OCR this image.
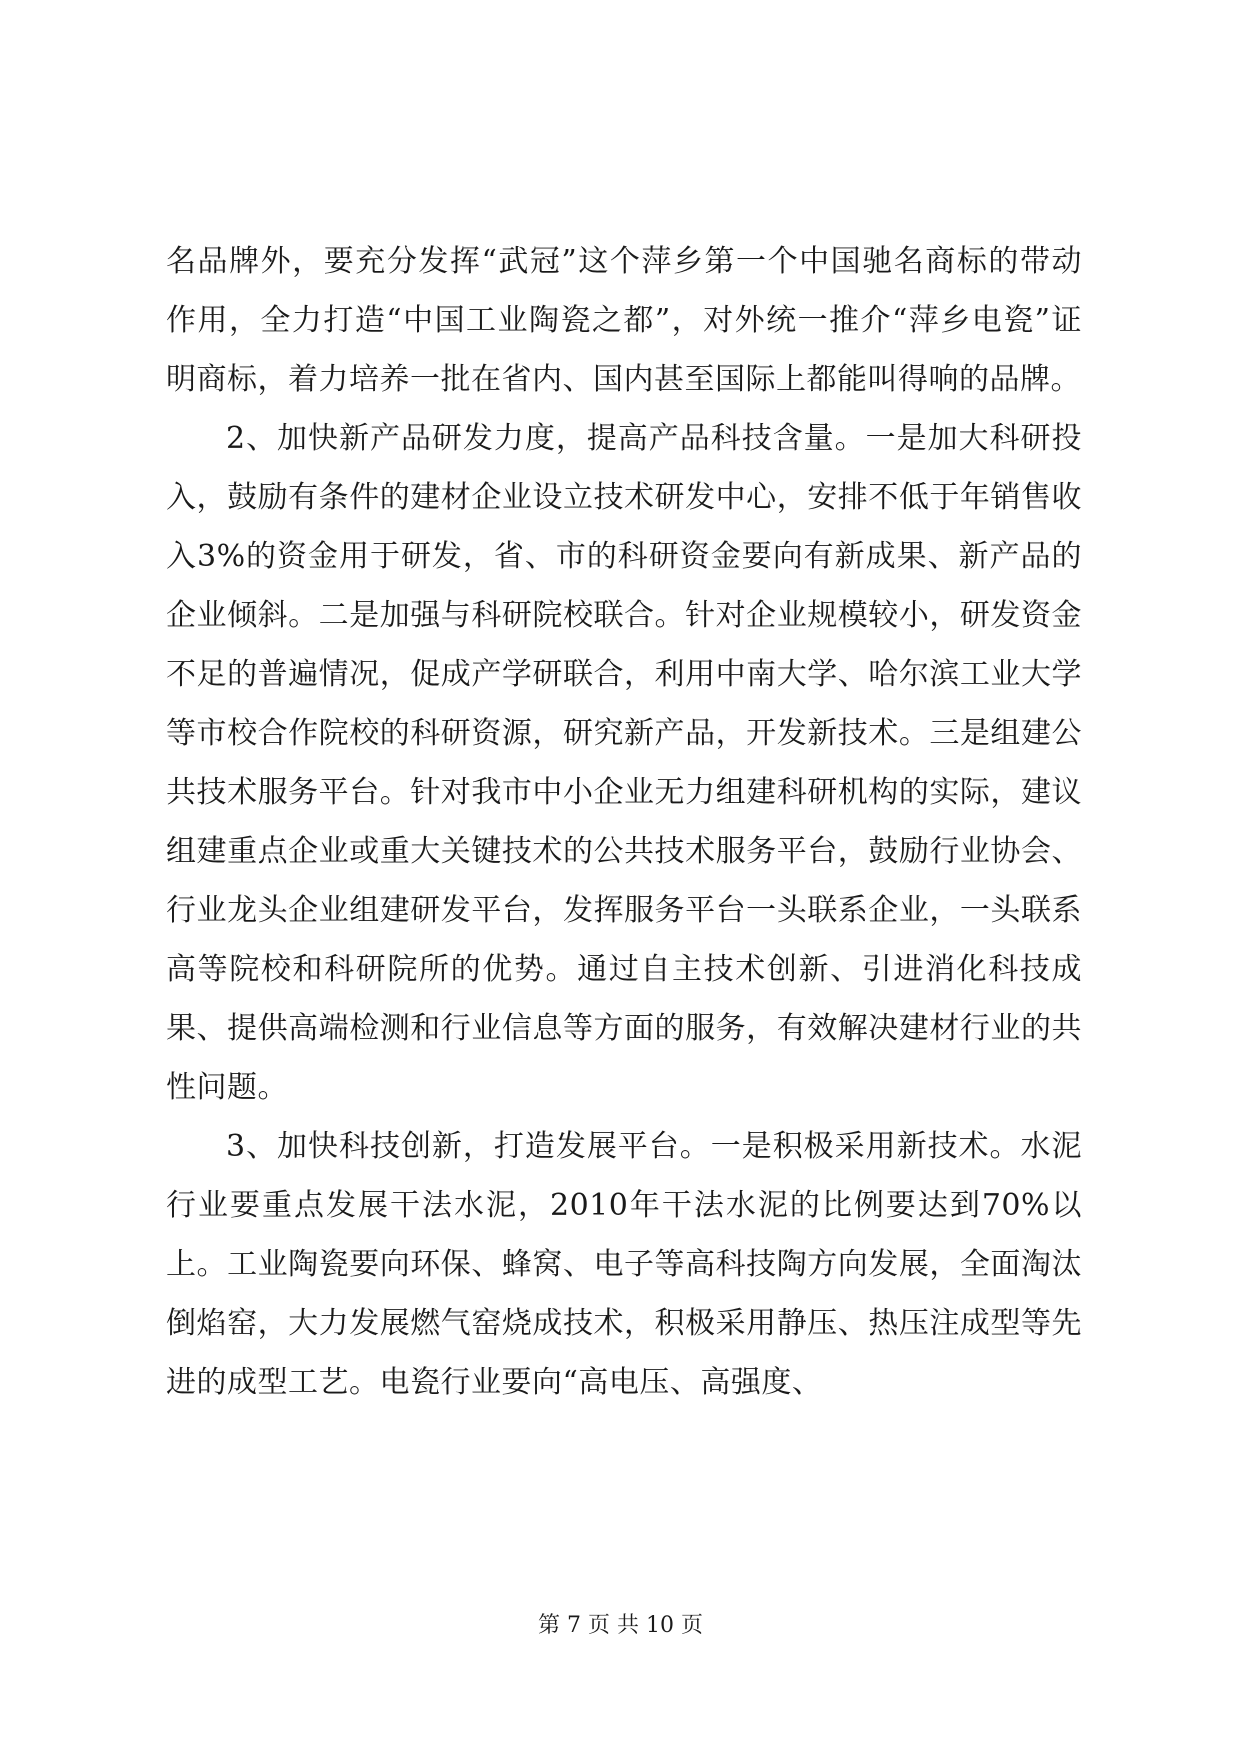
名品牌外，要充分发挥“武冠”这个萍乡第一个中国驰名商标的带动作用，全力打造“中国工业陶瓷之都”，对外统一推介“萍乡电瓷”证明商标，着力培养一批在省内、国内甚至国际上都能叫得响的品牌。

2、加快新产品研发力度，提高产品科技含量。一是加大科研投入，鼓励有条件的建材企业设立技术研发中心，安排不低于年销售收入3%的资金用于研发，省、市的科研资金要向有新成果、新产品的企业倾斜。二是加强与科研院校联合。针对企业规模较小，研发资金不足的普遍情况，促成产学研联合，利用中南大学、哈尔滨工业大学等市校合作院校的科研资源，研究新产品，开发新技术。三是组建公共技术服务平台。针对我市中小企业无力组建科研机构的实际，建议组建重点企业或重大关键技术的公共技术服务平台，鼓励行业协会、行业龙头企业组建研发平台，发挥服务平台一头联系企业，一头联系高等院校和科研院所的优势。通过自主技术创新、引进消化科技成果、提供高端检测和行业信息等方面的服务，有效解决建材行业的共性问题。

3、加快科技创新，打造发展平台。一是积极采用新技术。水泥行业要重点发展干法水泥，2010年干法水泥的比例要达到70%以上。工业陶瓷要向环保、蜂窝、电子等高科技陶方向发展，全面淘汰倒焰窑，大力发展燃气窑烧成技术，积极采用静压、热压注成型等先进的成型工艺。电瓷行业要向“高电压、高强度、

第 7 页 共 10 页
